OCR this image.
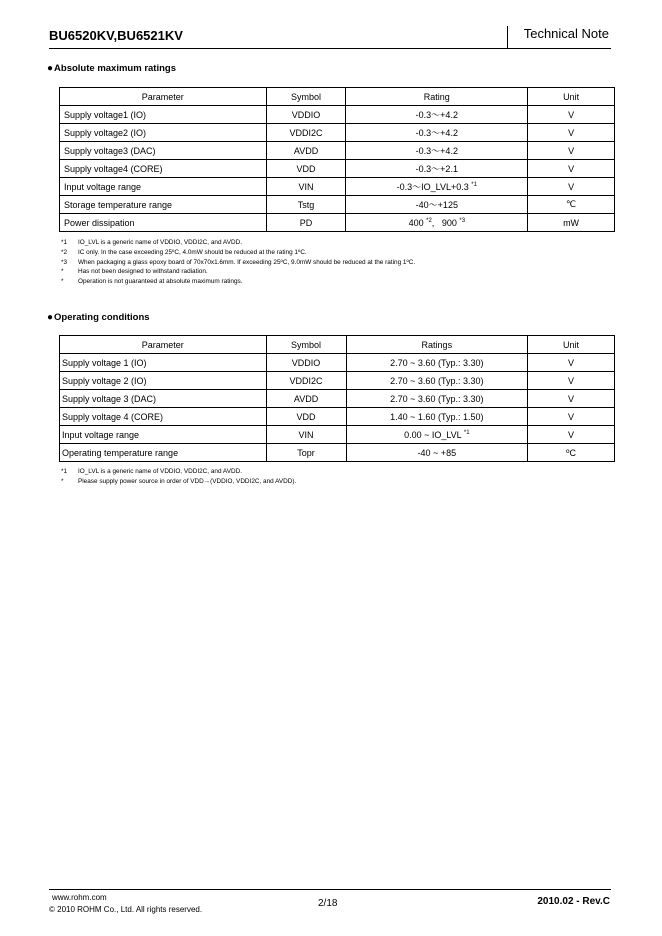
BU6520KV,BU6521KV	Technical Note
●Absolute maximum ratings
Parameter	Symbol	Rating	Unit
Supply voltage1 (IO)	VDDIO	-0.3〜+4.2	V
Supply voltage2 (IO)	VDDI2C	-0.3〜+4.2	V
Supply voltage3 (DAC)	AVDD	-0.3〜+4.2	V
Supply voltage4 (CORE)	VDD	-0.3〜+2.1	V
Input voltage range	VIN	-0.3〜IO_LVL+0.3 $^{*1}$	V
Storage temperature range	Tstg	-40〜+125	℃
Power dissipation	PD	400 $^{*2}$, 900 $^{*3}$	mW
*1 IO_LVL is a generic name of VDDIO, VDDI2C, and AVDD.
*2 IC only. In the case exceeding 25ºC, 4.0mW should be reduced at the rating 1ºC.
*3 When packaging a glass epoxy board of 70x70x1.6mm. If exceeding 25ºC, 9.0mW should be reduced at the rating 1ºC.
* Has not been designed to withstand radiation.
* Operation is not guaranteed at absolute maximum ratings.
●Operating conditions
Parameter	Symbol	Ratings	Unit
Supply voltage 1 (IO)	VDDIO	2.70 ~ 3.60 (Typ.: 3.30)	V
Supply voltage 2 (IO)	VDDI2C	2.70 ~ 3.60 (Typ.: 3.30)	V
Supply voltage 3 (DAC)	AVDD	2.70 ~ 3.60 (Typ.: 3.30)	V
Supply voltage 4 (CORE)	VDD	1.40 ~ 1.60 (Typ.: 1.50)	V
Input voltage range	VIN	0.00 ~ IO_LVL $^{*1}$	V
Operating temperature range	Topr	-40 ~ +85	ºC
*1 IO_LVL is a generic name of VDDIO, VDDI2C, and AVDD.
* Please supply power source in order of VDD→(VDDIO, VDDI2C, and AVDD).
www.rohm.com
© 2010 ROHM Co., Ltd. All rights reserved.
2/18	2010.02 - Rev.C
